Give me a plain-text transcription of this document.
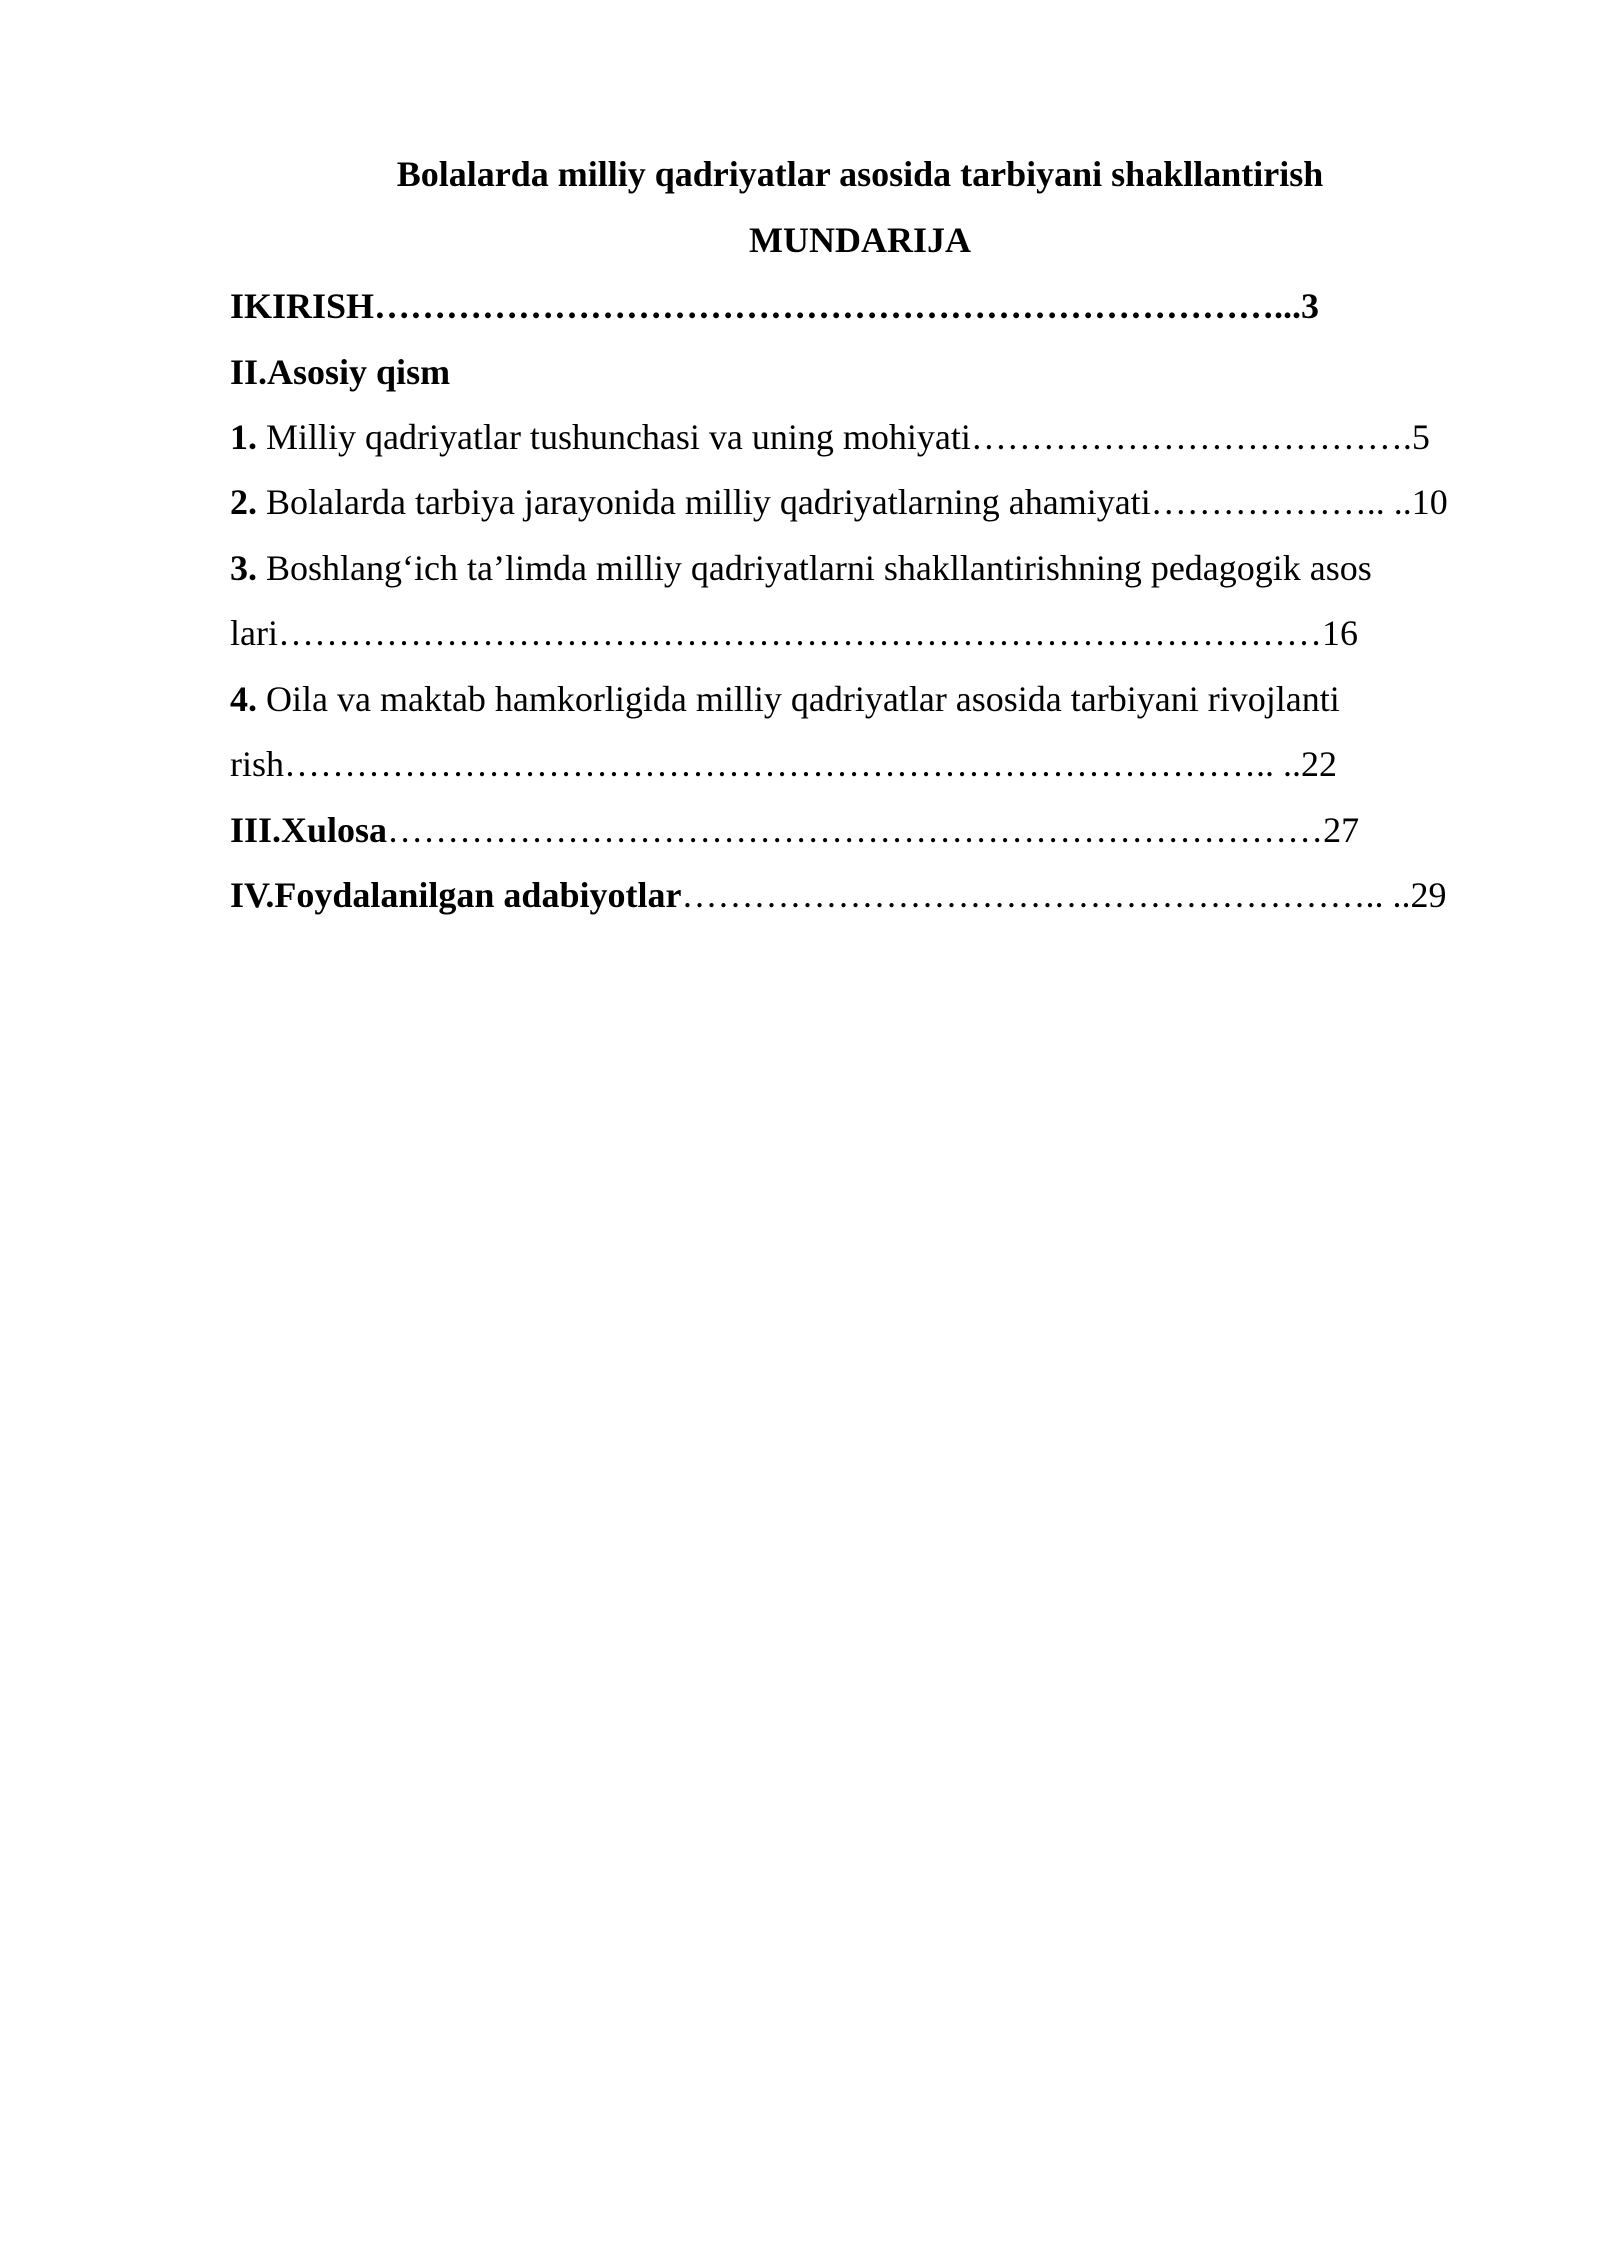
Bolalarda milliy qadriyatlar asosida tarbiyani shakllantirish
MUNDARIJA
IKIRISH…………………………………………………………………...3
II.Asosiy qism
1. Milliy qadriyatlar tushunchasi va uning mohiyati……………………………….5
2. Bolalarda tarbiya jarayonida milliy qadriyatlarning ahamiyati……………….. ..10
3. Boshlang‘ich ta’limda milliy qadriyatlarni shakllantirishning pedagogik asos
lari……………………………………………………………………………16
4. Oila va maktab hamkorligida milliy qadriyatlar asosida tarbiyani rivojlanti
rish……………………………………………………………………….. ..22
III.Xulosa……………………………………………………………………27
IV.Foydalanilgan adabiyotlar………………………………………………….. ..29
